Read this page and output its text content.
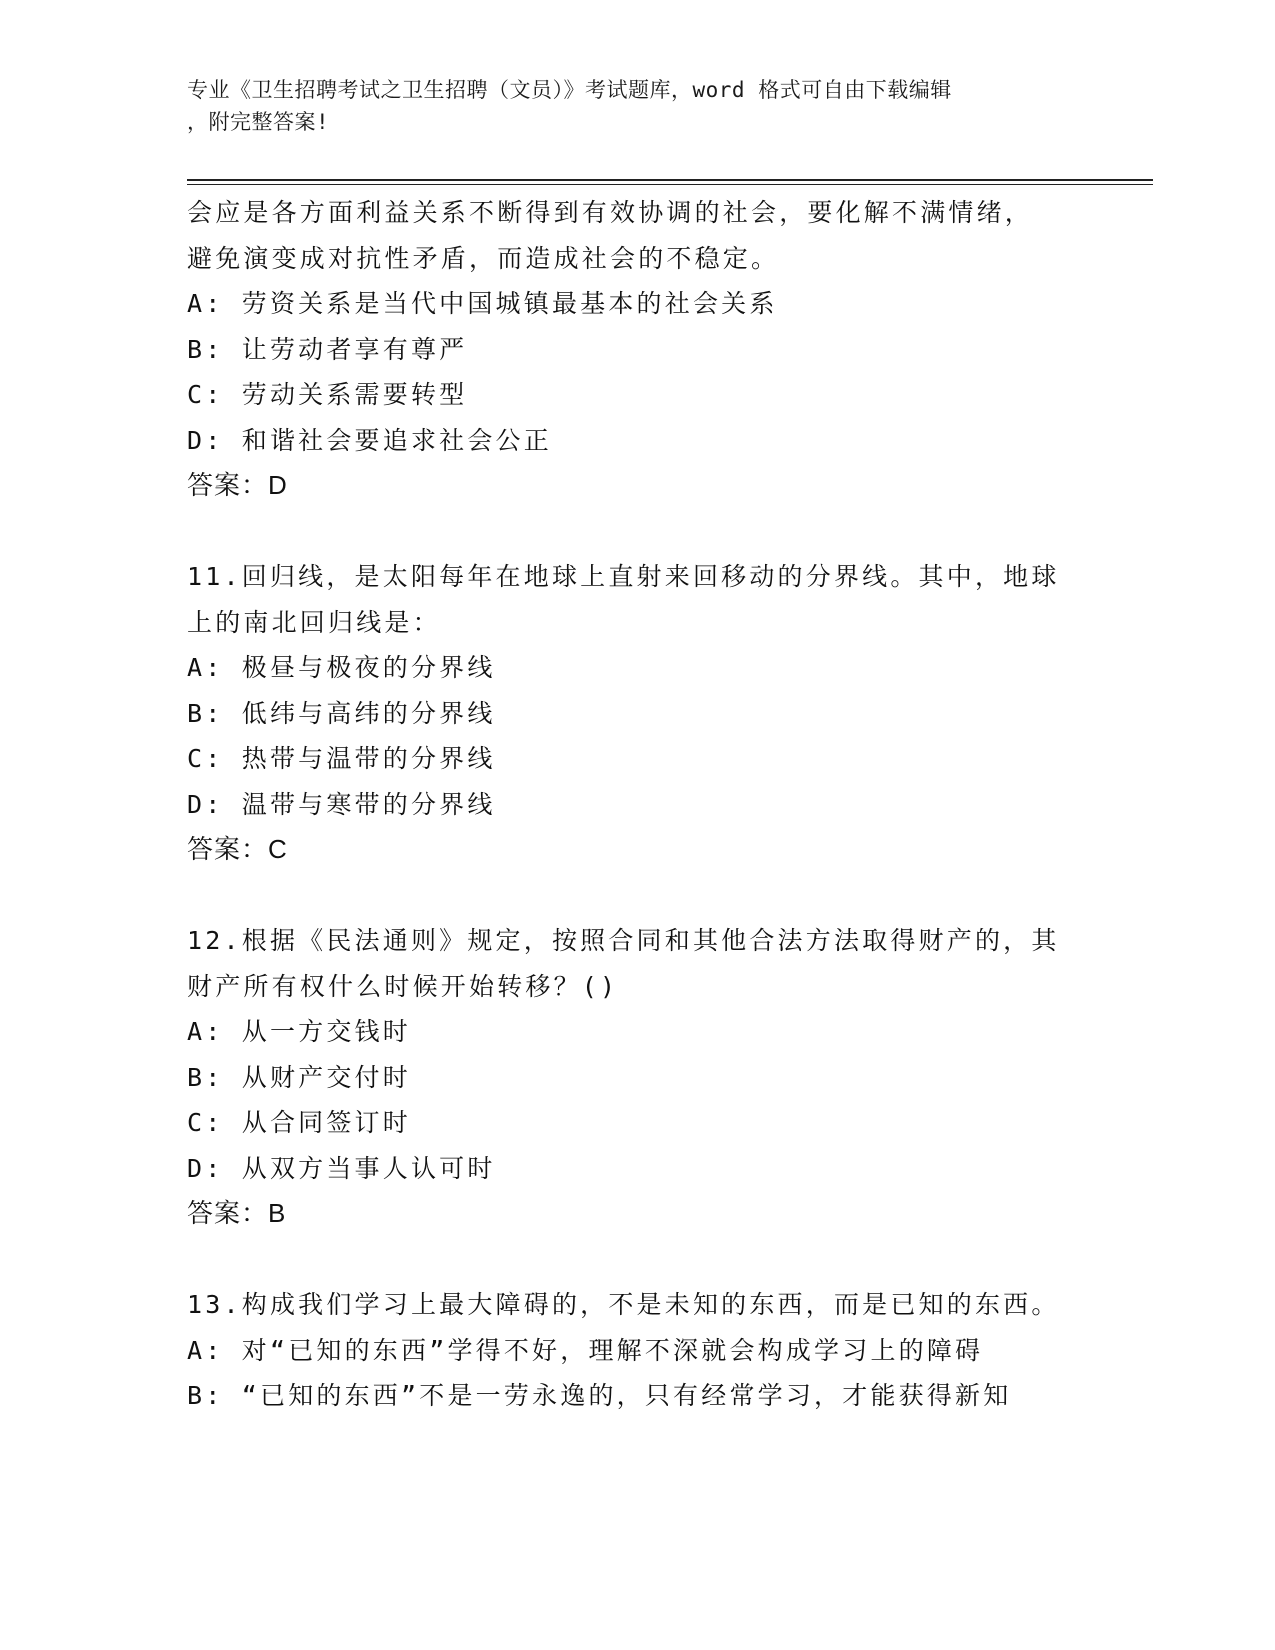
专业《卫生招聘考试之卫生招聘（文员）》考试题库，word 格式可自由下载编辑
，附完整答案!
会应是各方面利益关系不断得到有效协调的社会，要化解不满情绪，
避免演变成对抗性矛盾，而造成社会的不稳定。
A: 劳资关系是当代中国城镇最基本的社会关系
B: 让劳动者享有尊严
C: 劳动关系需要转型
D: 和谐社会要追求社会公正
答案：D
11.回归线，是太阳每年在地球上直射来回移动的分界线。其中，地球
上的南北回归线是：
A: 极昼与极夜的分界线
B: 低纬与高纬的分界线
C: 热带与温带的分界线
D: 温带与寒带的分界线
答案：C
12.根据《民法通则》规定，按照合同和其他合法方法取得财产的，其
财产所有权什么时候开始转移？()
A: 从一方交钱时
B: 从财产交付时
C: 从合同签订时
D: 从双方当事人认可时
答案：B
13.构成我们学习上最大障碍的，不是未知的东西，而是已知的东西。
A: 对“已知的东西”学得不好，理解不深就会构成学习上的障碍
B: “已知的东西”不是一劳永逸的，只有经常学习，才能获得新知
